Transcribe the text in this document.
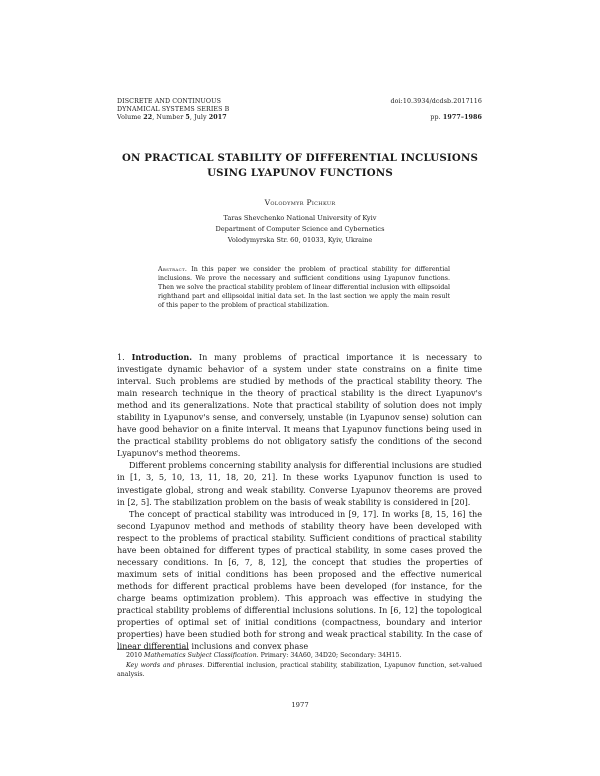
DISCRETE AND CONTINUOUS
DYNAMICAL SYSTEMS SERIES B
Volume 22, Number 5, July 2017
doi:10.3934/dcdsb.2017116
pp. 1977–1986
ON PRACTICAL STABILITY OF DIFFERENTIAL INCLUSIONS
USING LYAPUNOV FUNCTIONS
Volodymyr Pichkur
Taras Shevchenko National University of Kyiv
Department of Computer Science and Cybernetics
Volodymyrska Str. 60, 01033, Kyiv, Ukraine
Abstract. In this paper we consider the problem of practical stability for differential inclusions. We prove the necessary and sufficient conditions using Lyapunov functions. Then we solve the practical stability problem of linear differential inclusion with ellipsoidal righthand part and ellipsoidal initial data set. In the last section we apply the main result of this paper to the problem of practical stabilization.

1. Introduction. In many problems of practical importance it is necessary to investigate dynamic behavior of a system under state constrains on a finite time interval. Such problems are studied by methods of the practical stability theory. The main research technique in the theory of practical stability is the direct Lyapunov's method and its generalizations. Note that practical stability of solution does not imply stability in Lyapunov's sense, and conversely, unstable (in Lyapunov sense) solution can have good behavior on a finite interval. It means that Lyapunov functions being used in the practical stability problems do not obligatory satisfy the conditions of the second Lyapunov's method theorems.

Different problems concerning stability analysis for differential inclusions are studied in [1, 3, 5, 10, 13, 11, 18, 20, 21]. In these works Lyapunov function is used to investigate global, strong and weak stability. Converse Lyapunov theorems are proved in [2, 5]. The stabilization problem on the basis of weak stability is considered in [20].

The concept of practical stability was introduced in [9, 17]. In works [8, 15, 16] the second Lyapunov method and methods of stability theory have been developed with respect to the problems of practical stability. Sufficient conditions of practical stability have been obtained for different types of practical stability, in some cases proved the necessary conditions. In [6, 7, 8, 12], the concept that studies the properties of maximum sets of initial conditions has been proposed and the effective numerical methods for different practical problems have been developed (for instance, for the charge beams optimization problem). This approach was effective in studying the practical stability problems of differential inclusions solutions. In [6, 12] the topological properties of optimal set of initial conditions (compactness, boundary and interior properties) have been studied both for strong and weak practical stability. In the case of linear differential inclusions and convex phase

2010 Mathematics Subject Classification. Primary: 34A60, 34D20; Secondary: 34H15.

Key words and phrases. Differential inclusion, practical stability, stabilization, Lyapunov function, set-valued analysis.

1977
